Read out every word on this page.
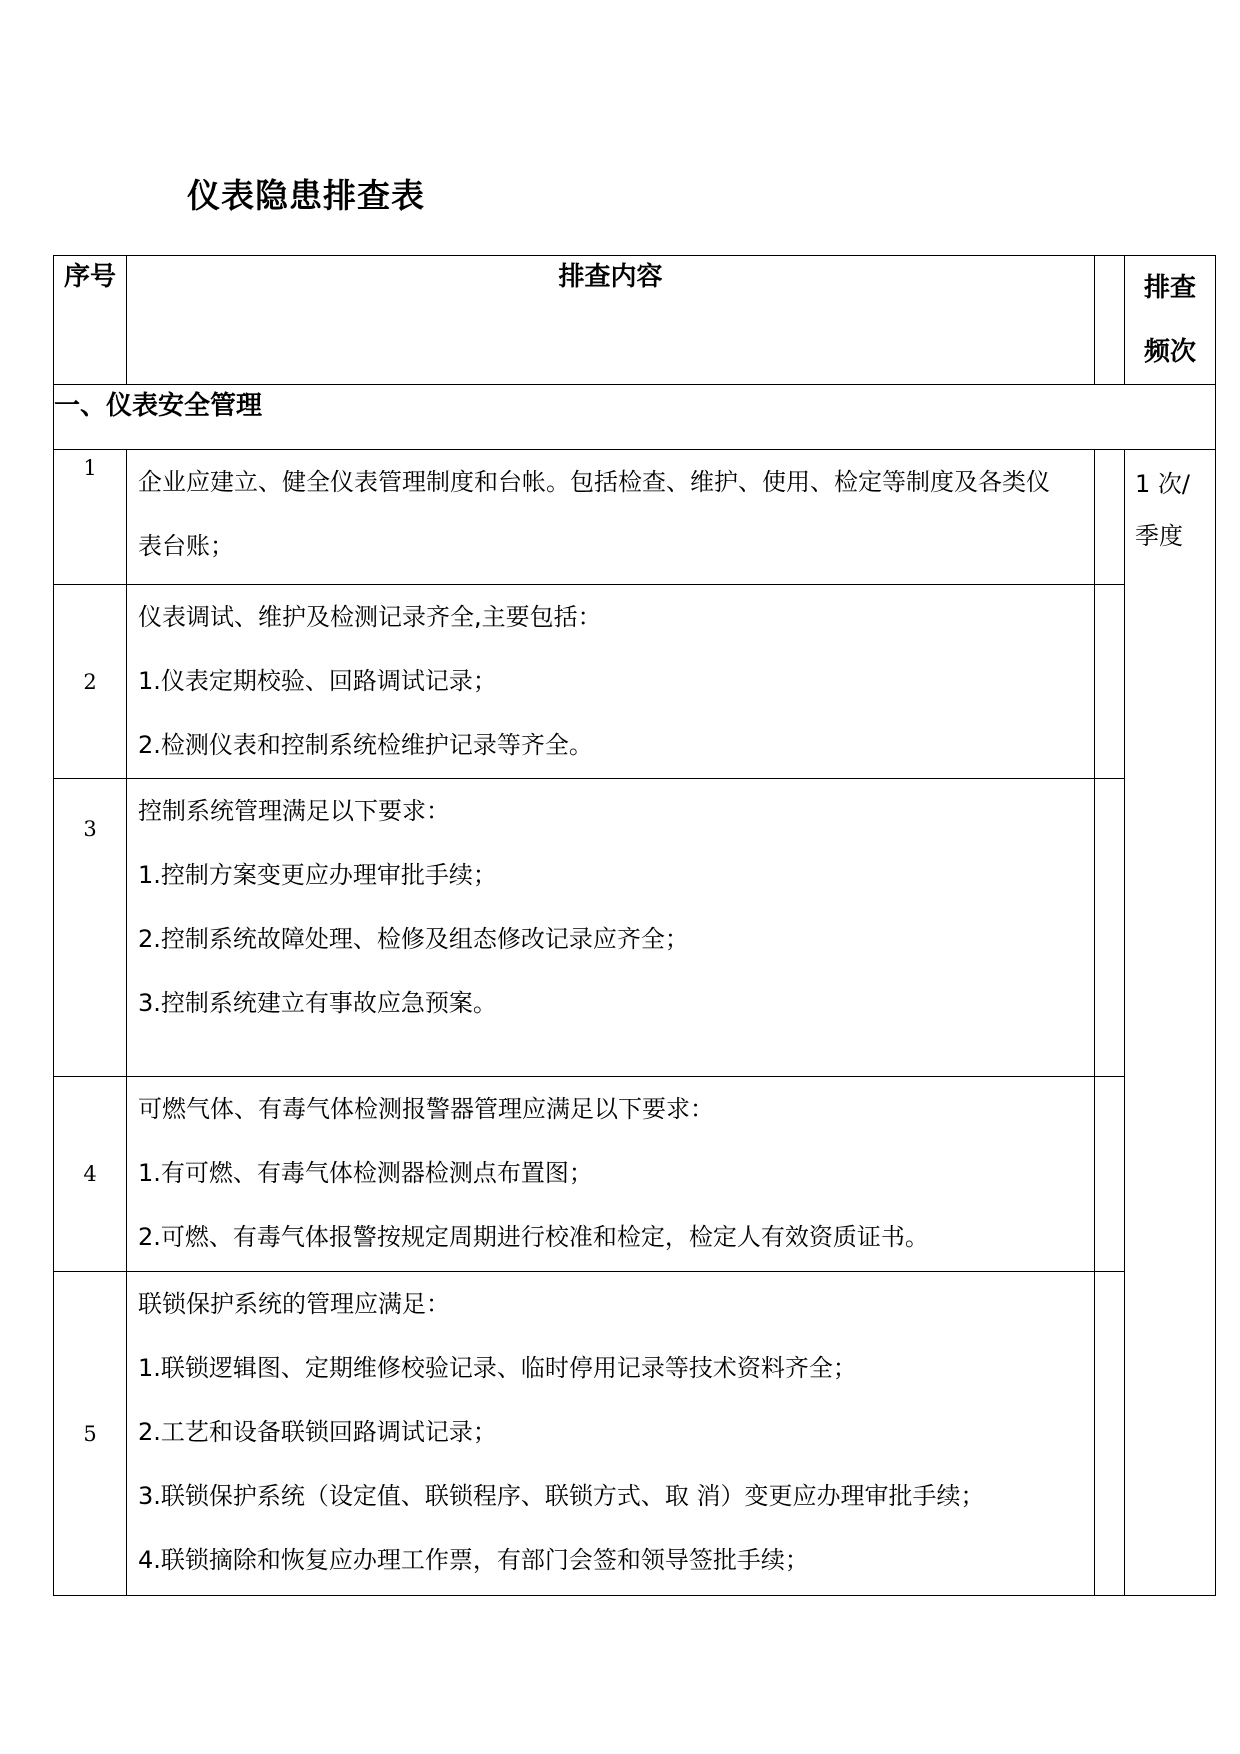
仪表隐患排查表
序号	排查内容		排查
频次

一、仪表安全管理			
1	企业应建立、健全仪表管理制度和台帐。包括检查、维护、使用、检定等制度及各类仪
表台账；		1 次/
季度

2	仪表调试、维护及检测记录齐全,主要包括：
1.仪表定期校验、回路调试记录；
2.检测仪表和控制系统检维护记录等齐全。		

3	控制系统管理满足以下要求：
1.控制方案变更应办理审批手续；
2.控制系统故障处理、检修及组态修改记录应齐全；
3.控制系统建立有事故应急预案。		

4	可燃气体、有毒气体检测报警器管理应满足以下要求：
1.有可燃、有毒气体检测器检测点布置图；
2.可燃、有毒气体报警按规定周期进行校准和检定，检定人有效资质证书。		

5	联锁保护系统的管理应满足：
1.联锁逻辑图、定期维修校验记录、临时停用记录等技术资料齐全；
2.工艺和设备联锁回路调试记录；
3.联锁保护系统（设定值、联锁程序、联锁方式、取 消）变更应办理审批手续；
4.联锁摘除和恢复应办理工作票，有部门会签和领导签批手续；		
